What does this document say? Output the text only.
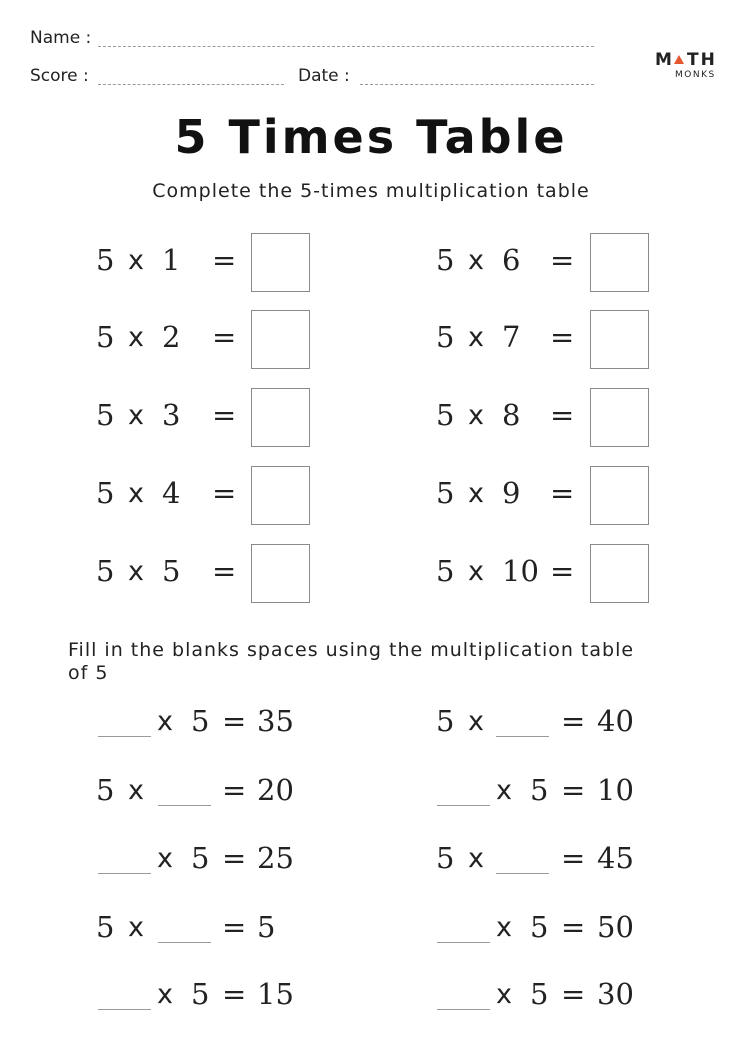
Name :
Score :	Date :
M TH
MONKS
5 Times Table
Complete the 5-times multiplication table
5 x 1 =
5 x 2 =
5 x 3 =
5 x 4 =
5 x 5 =
5 x 6 =
5 x 7 =
5 x 8 =
5 x 9 =
5 x 10 =
Fill in the blanks spaces using the multiplication table
of 5
x 5 = 35
5 x	= 20
x 5 = 25
5 x	= 5
x 5 = 15
5 x	= 40
x 5 = 10
5 x	= 45
x 5 = 50
x 5 = 30
